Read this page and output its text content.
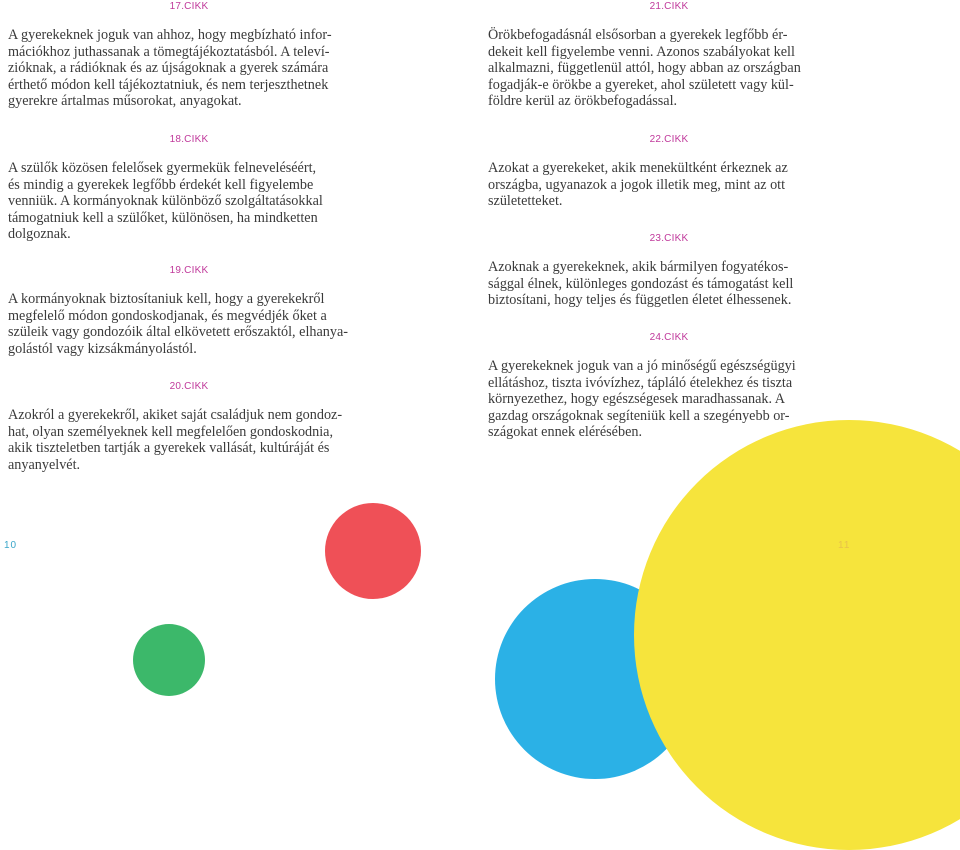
17.CIKK

A gyerekeknek joguk van ahhoz, hogy megbízható infor-
mációkhoz juthassanak a tömegtájékoztatásból. A televí-
zióknak, a rádióknak és az újságoknak a gyerek számára
érthető módon kell tájékoztatniuk, és nem terjeszthetnek
gyerekre ártalmas műsorokat, anyagokat.

18.CIKK

A szülők közösen felelősek gyermekük felneveléséért,
és mindig a gyerekek legfőbb érdekét kell figyelembe
venniük. A kormányoknak különböző szolgáltatásokkal
támogatniuk kell a szülőket, különösen, ha mindketten
dolgoznak.

19.CIKK

A kormányoknak biztosítaniuk kell, hogy a gyerekekről
megfelelő módon gondoskodjanak, és megvédjék őket a
szüleik vagy gondozóik által elkövetett erőszaktól, elhanya-
golástól vagy kizsákmányolástól.

20.CIKK

Azokról a gyerekekről, akiket saját családjuk nem gondoz-
hat, olyan személyeknek kell megfelelően gondoskodnia,
akik tiszteletben tartják a gyerekek vallását, kultúráját és
anyanyelvét.

10
21.CIKK

Örökbefogadásnál elsősorban a gyerekek legfőbb ér-
dekeit kell figyelembe venni. Azonos szabályokat kell
alkalmazni, függetlenül attól, hogy abban az országban
fogadják-e örökbe a gyereket, ahol született vagy kül-
földre kerül az örökbefogadással.

22.CIKK

Azokat a gyerekeket, akik menekültként érkeznek az
országba, ugyanazok a jogok illetik meg, mint az ott
születetteket.

23.CIKK

Azoknak a gyerekeknek, akik bármilyen fogyatékos-
sággal élnek, különleges gondozást és támogatást kell
biztosítani, hogy teljes és független életet élhessenek.

24.CIKK

A gyerekeknek joguk van a jó minőségű egészségügyi
ellátáshoz, tiszta ivóvízhez, tápláló ételekhez és tiszta
környezethez, hogy egészségesek maradhassanak. A
gazdag országoknak segíteniük kell a szegényebb or-
szágokat ennek elérésében.

11
